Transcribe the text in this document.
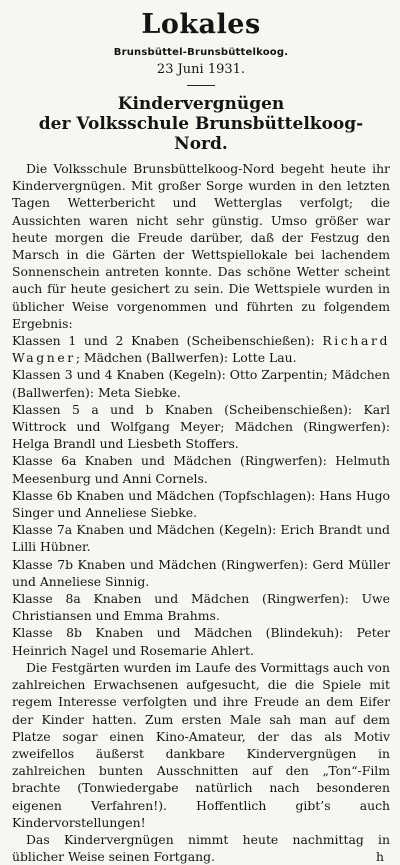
Lokales
Brunsbüttel-Brunsbüttelkoog.
23 Juni 1931.
Kindervergnügen
der Volksschule Brunsbüttelkoog-Nord.

Die Volksschule Brunsbüttelkoog-Nord begeht heute ihr Kindervergnügen. Mit großer Sorge wurden in den letzten Tagen Wetterbericht und Wetterglas verfolgt; die Aussichten waren nicht sehr günstig. Umso größer war heute morgen die Freude darüber, daß der Festzug den Marsch in die Gärten der Wettspiellokale bei lachendem Sonnenschein antreten konnte. Das schöne Wetter scheint auch für heute gesichert zu sein. Die Wettspiele wurden in üblicher Weise vorgenommen und führten zu folgendem Ergebnis:

Klassen 1 und 2 Knaben (Scheibenschießen): Richard Wagner; Mädchen (Ballwerfen): Lotte Lau.

Klassen 3 und 4 Knaben (Kegeln): Otto Zarpentin; Mädchen (Ballwerfen): Meta Siebke.

Klassen 5 a und b Knaben (Scheibenschießen): Karl Wittrock und Wolfgang Meyer; Mädchen (Ringwerfen): Helga Brandl und Liesbeth Stoffers.

Klasse 6a Knaben und Mädchen (Ringwerfen): Helmuth Meesenburg und Anni Cornels.

Klasse 6b Knaben und Mädchen (Topfschlagen): Hans Hugo Singer und Anneliese Siebke.

Klasse 7a Knaben und Mädchen (Kegeln): Erich Brandt und Lilli Hübner.

Klasse 7b Knaben und Mädchen (Ringwerfen): Gerd Müller und Anneliese Sinnig.

Klasse 8a Knaben und Mädchen (Ringwerfen): Uwe Christiansen und Emma Brahms.

Klasse 8b Knaben und Mädchen (Blindekuh): Peter Heinrich Nagel und Rosemarie Ahlert.

Die Festgärten wurden im Laufe des Vormittags auch von zahlreichen Erwachsenen aufgesucht, die die Spiele mit regem Interesse verfolgten und ihre Freude an dem Eifer der Kinder hatten. Zum ersten Male sah man auf dem Platze sogar einen Kino-Amateur, der das als Motiv zweifellos äußerst dankbare Kindervergnügen in zahlreichen bunten Ausschnitten auf den „Ton“-Film brachte (Tonwiedergabe natürlich nach besonderen eigenen Verfahren!). Hoffentlich gibt’s auch Kindervorstellungen!

Das Kindervergnügen nimmt heute nachmittag in üblicher Weise seinen Fortgang.	h
